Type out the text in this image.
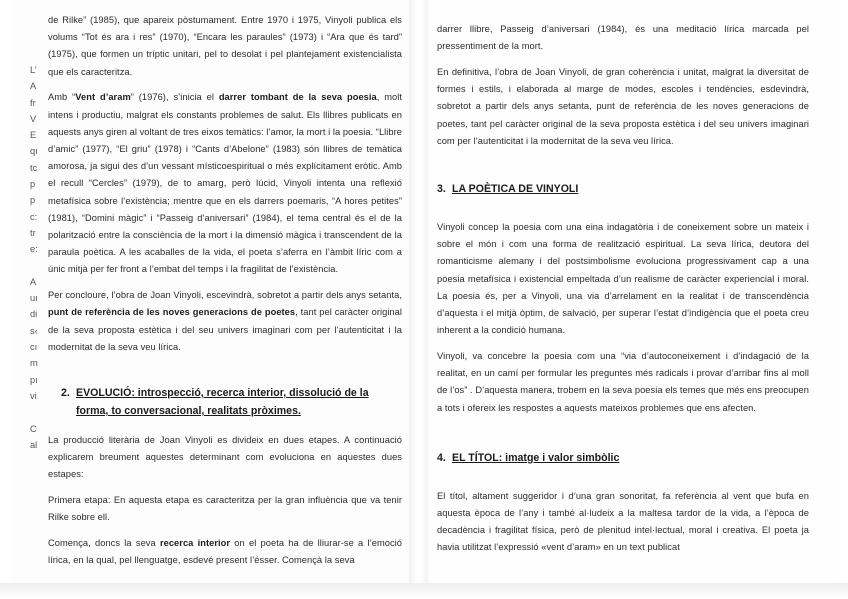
L’
A
fr
V
E
qı
tc
p
p
c:
tr
e:

A
uı
di
s‹
cı
m
pı
vi

C
al

de Rilke” (1985), que apareix pòstumament. Entre 1970 i 1975, Vinyoli publica els volums “Tot és ara i res” (1970), “Encara les paraules” (1973) i “Ara que és tard” (1975), que formen un tríptic unitari, pel to desolat i pel plantejament existencialista que els caracteritza.

Amb “Vent d’aram” (1976), s’inicia el darrer tombant de la seva poesia, molt intens i productiu, malgrat els constants problemes de salut. Els llibres publicats en aquests anys giren al voltant de tres eixos temàtics: l’amor, la mort i la poesia. “Llibre d’amic” (1977), “El griu” (1978) i “Cants d’Abelone” (1983) són llibres de temàtica amorosa, ja sigui des d’un vessant místicoespiritual o més explícitament eròtic. Amb el recull “Cercles” (1979), de to amarg, però lúcid, Vinyoli intenta una reflexió metafísica sobre l’existència; mentre que en els darrers poemaris, “A hores petites” (1981), “Domini màgic” i “Passeig d’aniversari” (1984), el tema central és el de la polarització entre la consciència de la mort i la dimensió màgica i transcendent de la paraula poètica. A les acaballes de la vida, el poeta s’aferra en l’àmbit líric com a únic mitjà per fer front a l’embat del temps i la fragilitat de l’existència.

Per concloure, l’obra de Joan Vinyoli, escevindrà, sobretot a partir dels anys setanta, punt de referència de les noves generacions de poetes, tant pel caràcter original de la seva proposta estètica i del seu univers imaginari com per l’autenticitat i la modernitat de la seva veu lírica.

2. EVOLUCIÓ: introspecció, recerca interior, dissolució de la forma, to conversacional, realitats pròximes.

La producció literària de Joan Vinyoli es divideix en dues etapes. A continuació explicarem breument aquestes determinant com evoluciona en aquestes dues estapes:

Primera etapa: En aquesta etapa es caracteritza per la gran influència que va tenir Rilke sobre ell.

Comença, doncs la seva recerca interior on el poeta ha de lliurar-se a l’emoció lírica, en la qual, pel llenguatge, esdevé present l’ésser. Començà la seva

darrer llibre, Passeig d’aniversari (1984), és una meditació lírica marcada pel pressentiment de la mort.

En definitiva, l’obra de Joan Vinyoli, de gran coherència i unitat, malgrat la diversitat de formes i estils, i elaborada al marge de modes, escoles i tendències, esdevindrà, sobretot a partir dels anys setanta, punt de referència de les noves generacions de poetes, tant pel caràcter original de la seva proposta estètica i del seu univers imaginari com per l’autenticitat i la modernitat de la seva veu lírica.

3. LA POÈTICA DE VINYOLI

Vinyoli concep la poesia com una eina indagatòria i de coneixement sobre un mateix i sobre el món i com una forma de realització espiritual. La seva lírica, deutora del romanticisme alemany i del postsimbolisme evoluciona progressivament cap a una poesia metafísica i existencial empeltada d’un realisme de caràcter experiencial i moral. La poesia és, per a Vinyoli, una via d’arrelament en la realitat i de transcendència d’aquesta i el mitjà òptim, de salvació, per superar l’estat d’indigència que el poeta creu inherent a la condició humana.

Vinyoli, va concebre la poesia com una “via d’autoconeixement i d’indagació de la realitat, en un camí per formular les preguntes més radicals i provar d’arribar fins al moll de l’os” . D’aquesta manera, trobem en la seva poesia els temes que més ens preocupen a tots i ofereix les respostes a aquests mateixos problemes que ens afecten.

4. EL TÍTOL: imatge i valor simbòlic

El títol, altament suggeridor i d’una gran sonoritat, fa referència al vent que bufa en aquesta època de l’any i també al·ludeix a la maltesa tardor de la vida, a l’època de decadència i fragilitat física, però de plenitud intel·lectual, moral i creativa. El poeta ja havia utilitzat l’expressió «vent d’aram» en un text publicat
